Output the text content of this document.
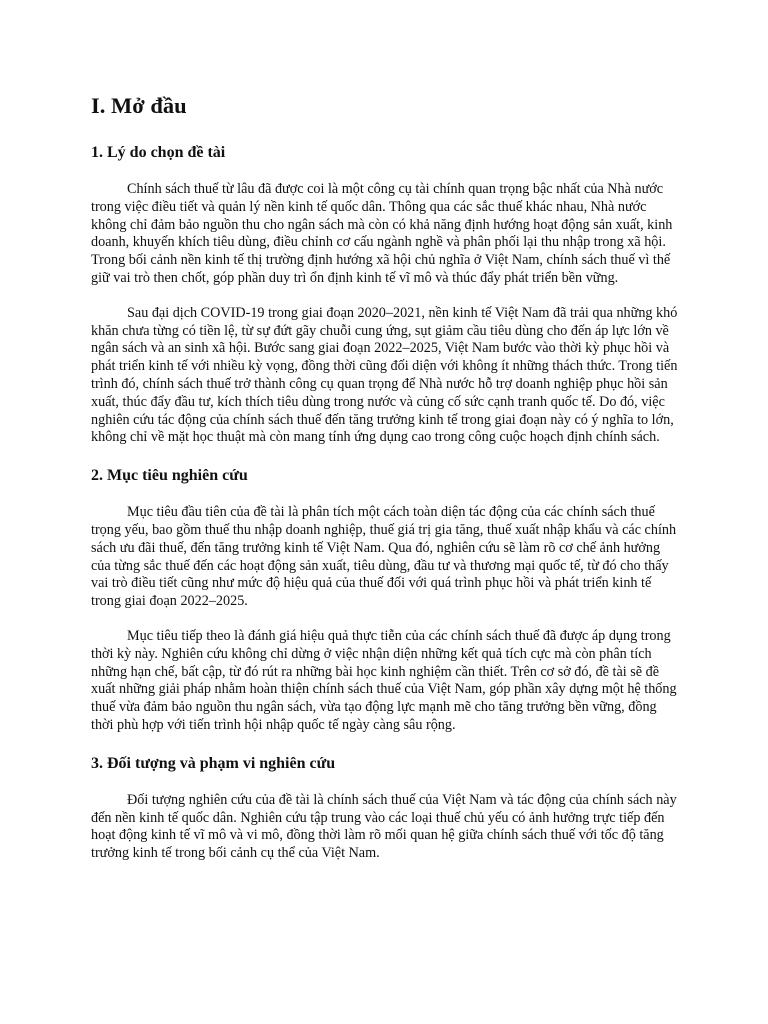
I. Mở đầu
1. Lý do chọn đề tài

Chính sách thuế từ lâu đã được coi là một công cụ tài chính quan trọng bậc nhất của Nhà nước trong việc điều tiết và quản lý nền kinh tế quốc dân. Thông qua các sắc thuế khác nhau, Nhà nước không chỉ đảm bảo nguồn thu cho ngân sách mà còn có khả năng định hướng hoạt động sản xuất, kinh doanh, khuyến khích tiêu dùng, điều chỉnh cơ cấu ngành nghề và phân phối lại thu nhập trong xã hội. Trong bối cảnh nền kinh tế thị trường định hướng xã hội chủ nghĩa ở Việt Nam, chính sách thuế vì thế giữ vai trò then chốt, góp phần duy trì ổn định kinh tế vĩ mô và thúc đẩy phát triển bền vững.

Sau đại dịch COVID-19 trong giai đoạn 2020–2021, nền kinh tế Việt Nam đã trải qua những khó khăn chưa từng có tiền lệ, từ sự đứt gãy chuỗi cung ứng, sụt giảm cầu tiêu dùng cho đến áp lực lớn về ngân sách và an sinh xã hội. Bước sang giai đoạn 2022–2025, Việt Nam bước vào thời kỳ phục hồi và phát triển kinh tế với nhiều kỳ vọng, đồng thời cũng đối diện với không ít những thách thức. Trong tiến trình đó, chính sách thuế trở thành công cụ quan trọng để Nhà nước hỗ trợ doanh nghiệp phục hồi sản xuất, thúc đẩy đầu tư, kích thích tiêu dùng trong nước và củng cố sức cạnh tranh quốc tế. Do đó, việc nghiên cứu tác động của chính sách thuế đến tăng trưởng kinh tế trong giai đoạn này có ý nghĩa to lớn, không chỉ về mặt học thuật mà còn mang tính ứng dụng cao trong công cuộc hoạch định chính sách.

2. Mục tiêu nghiên cứu

Mục tiêu đầu tiên của đề tài là phân tích một cách toàn diện tác động của các chính sách thuế trọng yếu, bao gồm thuế thu nhập doanh nghiệp, thuế giá trị gia tăng, thuế xuất nhập khẩu và các chính sách ưu đãi thuế, đến tăng trưởng kinh tế Việt Nam. Qua đó, nghiên cứu sẽ làm rõ cơ chế ảnh hưởng của từng sắc thuế đến các hoạt động sản xuất, tiêu dùng, đầu tư và thương mại quốc tế, từ đó cho thấy vai trò điều tiết cũng như mức độ hiệu quả của thuế đối với quá trình phục hồi và phát triển kinh tế trong giai đoạn 2022–2025.

Mục tiêu tiếp theo là đánh giá hiệu quả thực tiễn của các chính sách thuế đã được áp dụng trong thời kỳ này. Nghiên cứu không chỉ dừng ở việc nhận diện những kết quả tích cực mà còn phân tích những hạn chế, bất cập, từ đó rút ra những bài học kinh nghiệm cần thiết. Trên cơ sở đó, đề tài sẽ đề xuất những giải pháp nhằm hoàn thiện chính sách thuế của Việt Nam, góp phần xây dựng một hệ thống thuế vừa đảm bảo nguồn thu ngân sách, vừa tạo động lực mạnh mẽ cho tăng trưởng bền vững, đồng thời phù hợp với tiến trình hội nhập quốc tế ngày càng sâu rộng.

3. Đối tượng và phạm vi nghiên cứu

Đối tượng nghiên cứu của đề tài là chính sách thuế của Việt Nam và tác động của chính sách này đến nền kinh tế quốc dân. Nghiên cứu tập trung vào các loại thuế chủ yếu có ảnh hưởng trực tiếp đến hoạt động kinh tế vĩ mô và vi mô, đồng thời làm rõ mối quan hệ giữa chính sách thuế với tốc độ tăng trưởng kinh tế trong bối cảnh cụ thể của Việt Nam.
